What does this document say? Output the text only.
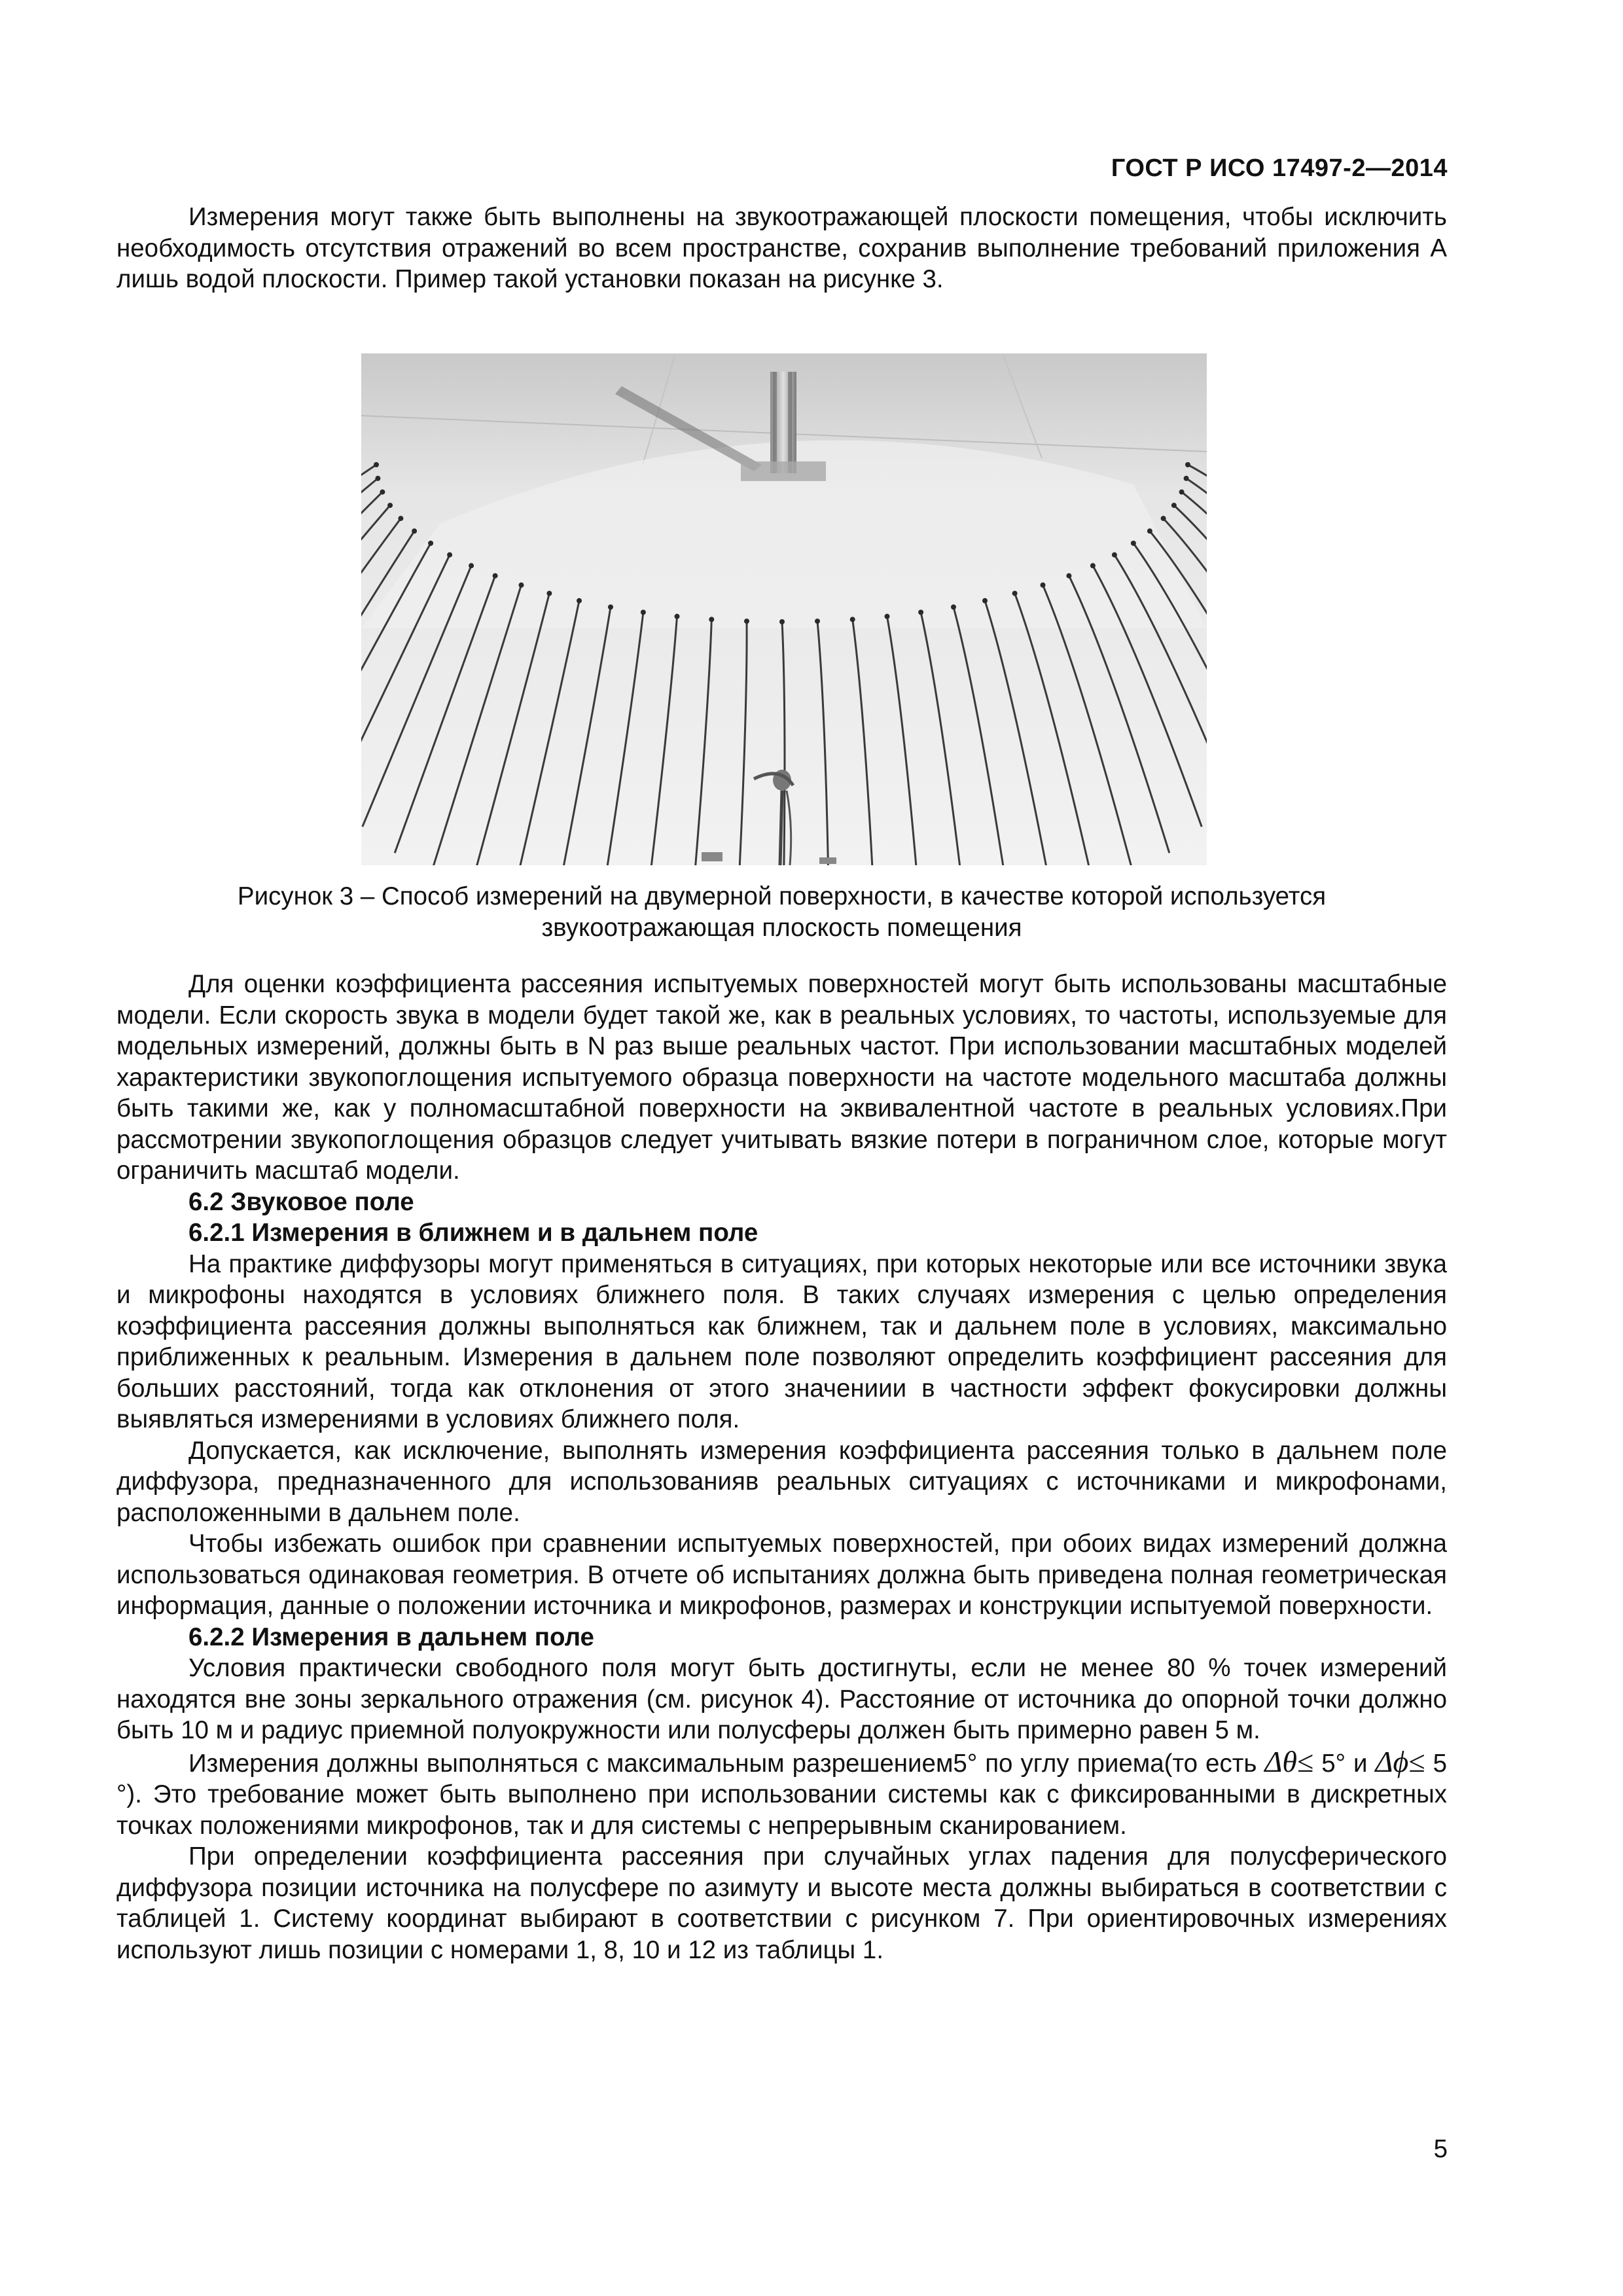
ГОСТ Р ИСО 17497-2—2014

Измерения могут также быть выполнены на звукоотражающей плоскости помещения, чтобы исключить необходимость отсутствия отражений во всем пространстве, сохранив выполнение требований приложения А лишь водой плоскости. Пример такой установки показан на рисунке 3.

Рисунок 3 – Способ измерений на двумерной поверхности, в качестве которой используется
звукоотражающая плоскость помещения

Для оценки коэффициента рассеяния испытуемых поверхностей могут быть использованы масштабные модели. Если скорость звука в модели будет такой же, как в реальных условиях, то частоты, используемые для модельных измерений, должны быть в N раз выше реальных частот. При использовании масштабных моделей характеристики звукопоглощения испытуемого образца поверхности на частоте модельного масштаба должны быть такими же, как у полномасштабной поверхности на эквивалентной частоте в реальных условиях.При рассмотрении звукопоглощения образцов следует учитывать вязкие потери в пограничном слое, которые могут ограничить масштаб модели.

6.2 Звуковое поле

6.2.1 Измерения в ближнем и в дальнем поле

На практике диффузоры могут применяться в ситуациях, при которых некоторые или все источники звука и микрофоны находятся в условиях ближнего поля. В таких случаях измерения с целью определения коэффициента рассеяния должны выполняться как ближнем, так и дальнем поле в условиях, максимально приближенных к реальным. Измерения в дальнем поле позволяют определить коэффициент рассеяния для больших расстояний, тогда как отклонения от этого значениии в частности эффект фокусировки должны выявляться измерениями в условиях ближнего поля.

Допускается, как исключение, выполнять измерения коэффициента рассеяния только в дальнем поле диффузора, предназначенного для использованияв реальных ситуациях с источниками и микрофонами, расположенными в дальнем поле.

Чтобы избежать ошибок при сравнении испытуемых поверхностей, при обоих видах измерений должна использоваться одинаковая геометрия. В отчете об испытаниях должна быть приведена полная геометрическая информация, данные о положении источника и микрофонов, размерах и конструкции испытуемой поверхности.

6.2.2 Измерения в дальнем поле

Условия практически свободного поля могут быть достигнуты, если не менее 80 % точек измерений находятся вне зоны зеркального отражения (см. рисунок 4). Расстояние от источника до опорной точки должно быть 10 м и радиус приемной полуокружности или полусферы должен быть примерно равен 5 м.

Измерения должны выполняться с максимальным разрешением5° по углу приема(то есть Δθ≤ 5° и Δϕ≤ 5 °). Это требование может быть выполнено при использовании системы как с фиксированными в дискретных точках положениями микрофонов, так и для системы с непрерывным сканированием.

При определении коэффициента рассеяния при случайных углах падения для полусферического диффузора позиции источника на полусфере по азимуту и высоте места должны выбираться в соответствии с таблицей 1. Систему координат выбирают в соответствии с рисунком 7. При ориентировочных измерениях используют лишь позиции с номерами 1, 8, 10 и 12 из таблицы 1.

5
